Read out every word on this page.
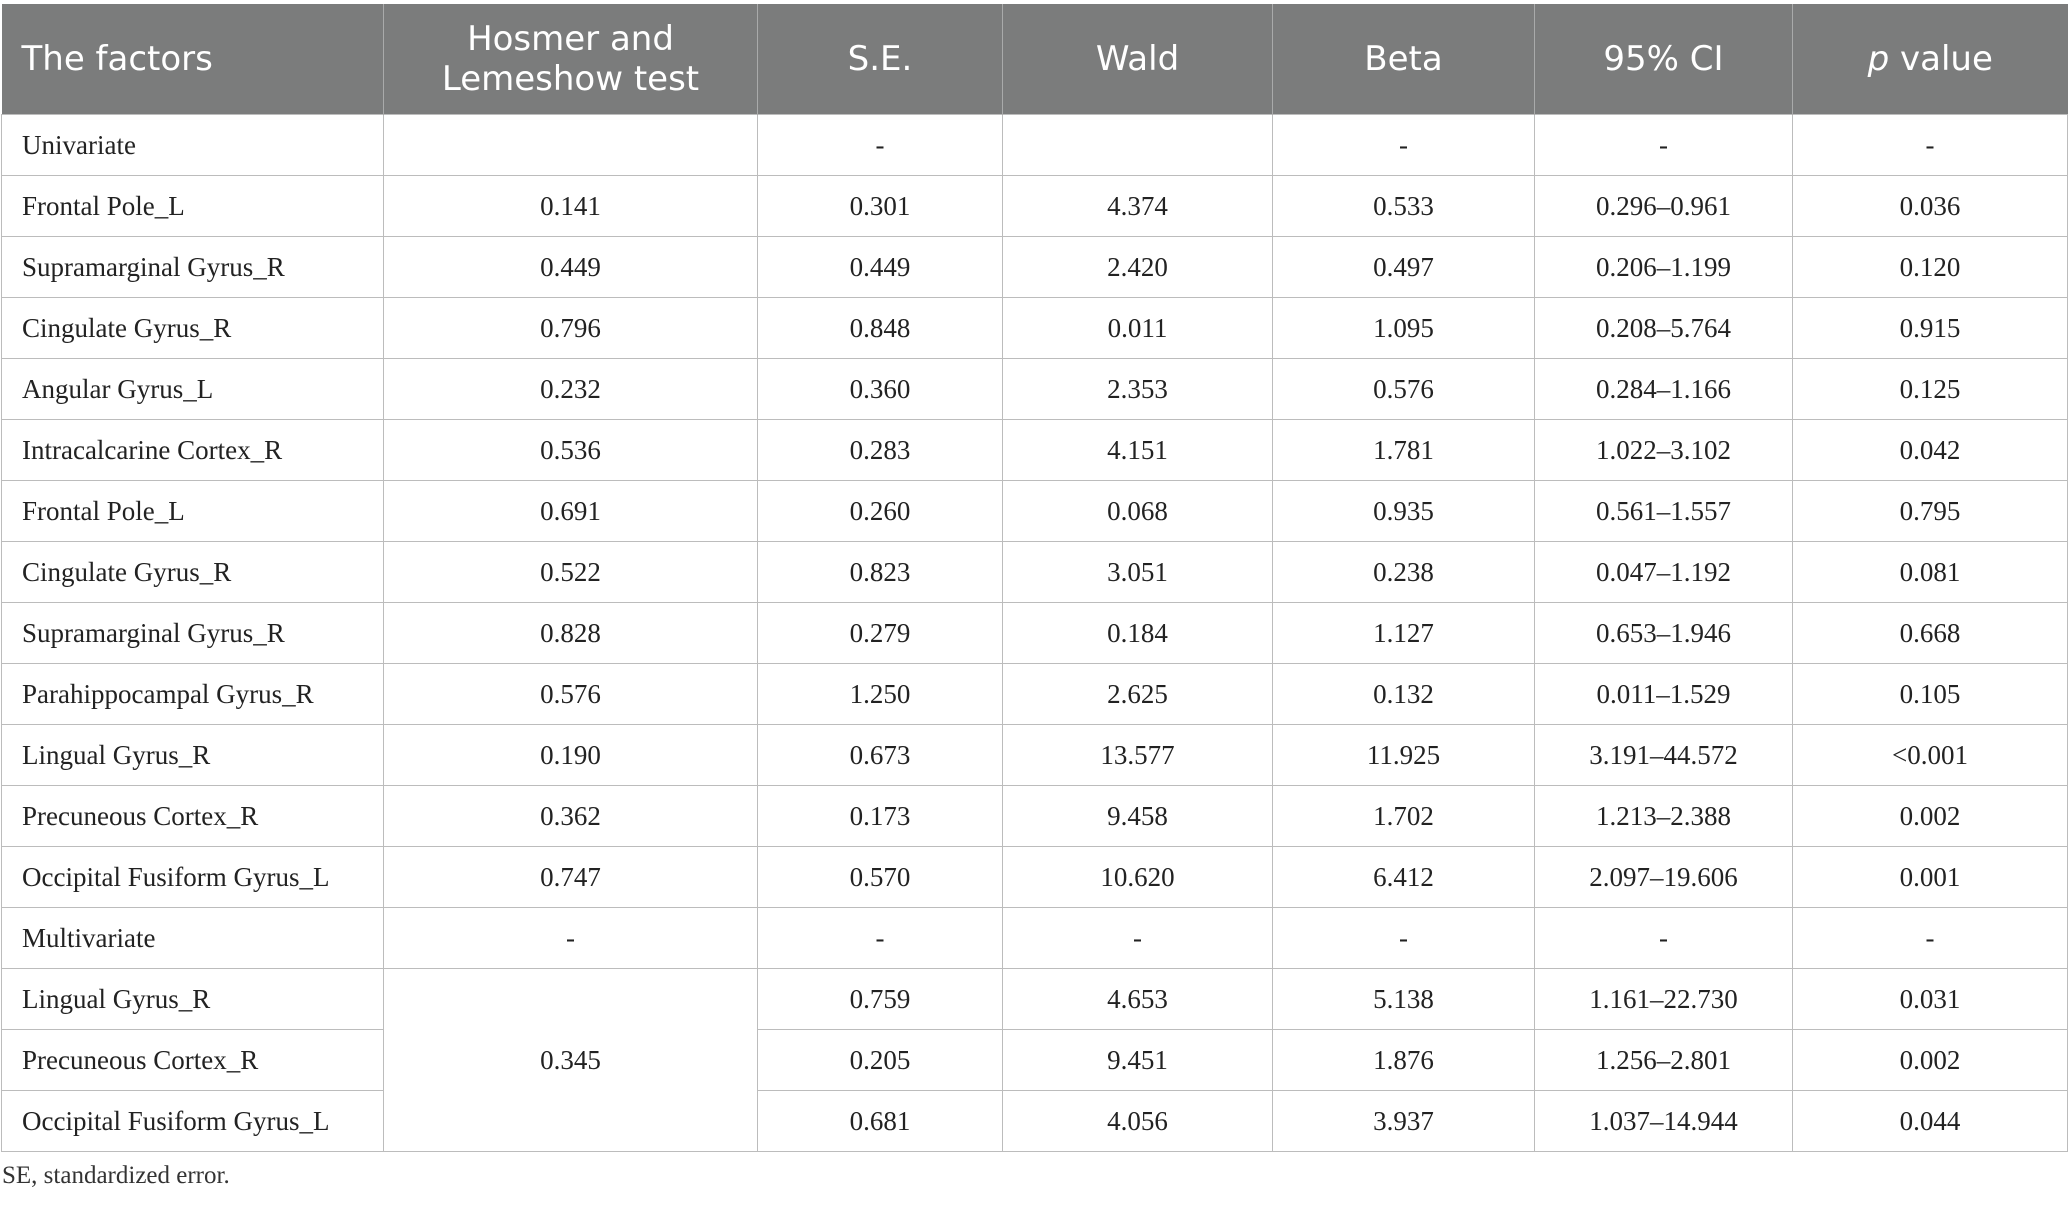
The factors	Hosmer and Lemeshow test	S.E.	Wald	Beta	95% CI	p value
Univariate		-		-	-	-
Frontal Pole_L	0.141	0.301	4.374	0.533	0.296–0.961	0.036
Supramarginal Gyrus_R	0.449	0.449	2.420	0.497	0.206–1.199	0.120
Cingulate Gyrus_R	0.796	0.848	0.011	1.095	0.208–5.764	0.915
Angular Gyrus_L	0.232	0.360	2.353	0.576	0.284–1.166	0.125
Intracalcarine Cortex_R	0.536	0.283	4.151	1.781	1.022–3.102	0.042
Frontal Pole_L	0.691	0.260	0.068	0.935	0.561–1.557	0.795
Cingulate Gyrus_R	0.522	0.823	3.051	0.238	0.047–1.192	0.081
Supramarginal Gyrus_R	0.828	0.279	0.184	1.127	0.653–1.946	0.668
Parahippocampal Gyrus_R	0.576	1.250	2.625	0.132	0.011–1.529	0.105
Lingual Gyrus_R	0.190	0.673	13.577	11.925	3.191–44.572	<0.001
Precuneous Cortex_R	0.362	0.173	9.458	1.702	1.213–2.388	0.002
Occipital Fusiform Gyrus_L	0.747	0.570	10.620	6.412	2.097–19.606	0.001
Multivariate	-	-	-	-	-	-
Lingual Gyrus_R	0.345	0.759	4.653	5.138	1.161–22.730	0.031
Precuneous Cortex_R		0.205	9.451	1.876	1.256–2.801	0.002
Occipital Fusiform Gyrus_L		0.681	4.056	3.937	1.037–14.944	0.044
SE, standardized error.
